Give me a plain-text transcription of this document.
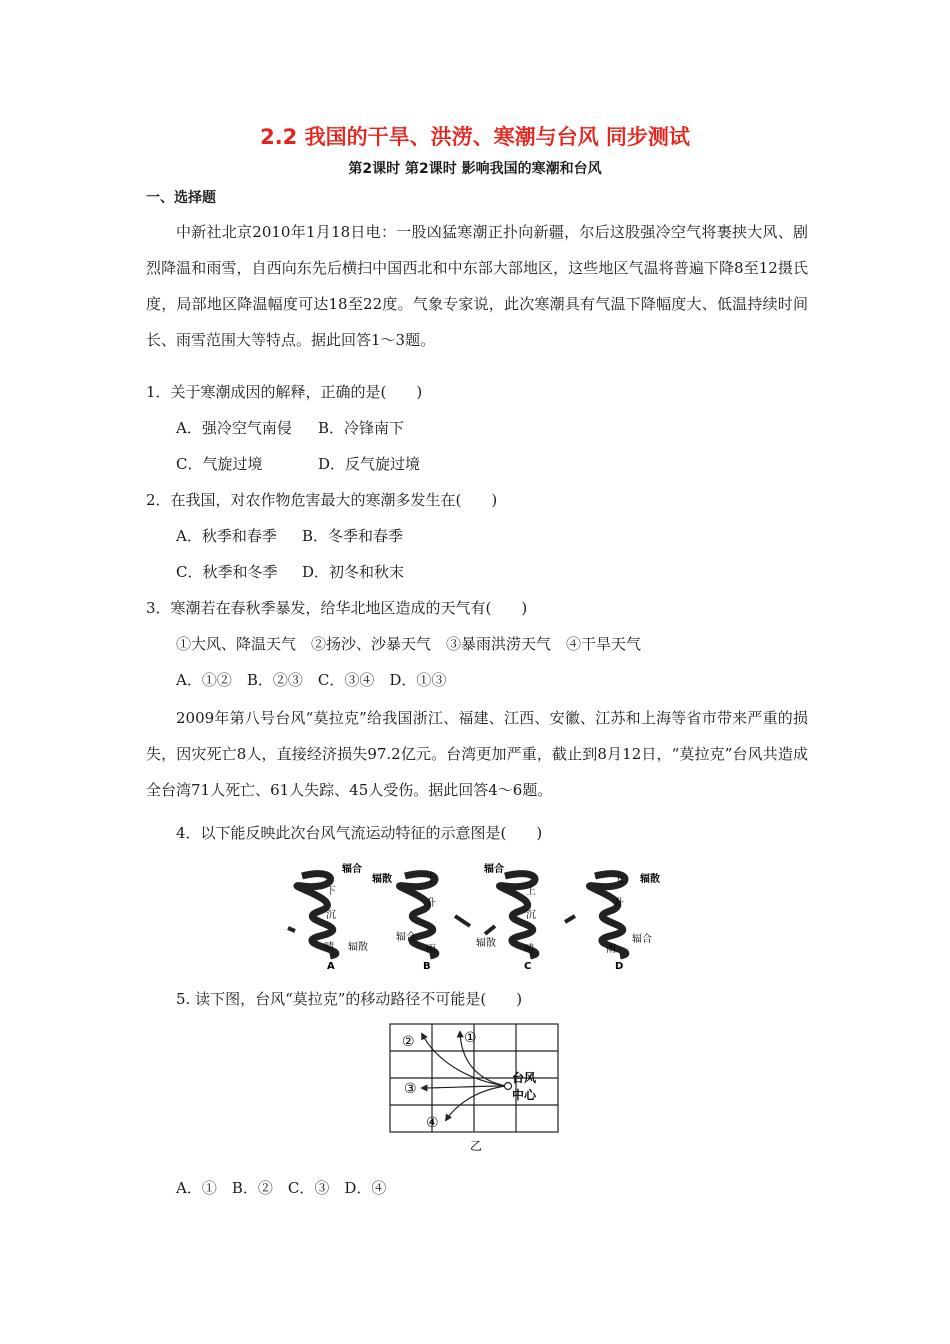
2.2 我国的干旱、洪涝、寒潮与台风 同步测试
第2课时 第2课时 影响我国的寒潮和台风
一、选择题
中新社北京2010年1月18日电：一股凶猛寒潮正扑向新疆，尔后这股强冷空气将裹挟大风、剧烈降温和雨雪，自西向东先后横扫中国西北和中东部大部地区，这些地区气温将普遍下降8至12摄氏度，局部地区降温幅度可达18至22度。气象专家说，此次寒潮具有气温下降幅度大、低温持续时间长、雨雪范围大等特点。据此回答1～3题。
1．关于寒潮成因的解释，正确的是(　　)
A．强冷空气南侵 B．冷锋南下
C．气旋过境	D．反气旋过境
2．在我国，对农作物危害最大的寒潮多发生在(　　)
A．秋季和春季 B．冬季和春季
C．秋季和冬季 D．初冬和秋末
3．寒潮若在春秋季暴发，给华北地区造成的天气有(　　)
①大风、降温天气　②扬沙、沙暴天气　③暴雨洪涝天气　④干旱天气
A．①②　B．②③　C．③④　D．①③
2009年第八号台风“莫拉克”给我国浙江、福建、江西、安徽、江苏和上海等省市带来严重的损失，因灾死亡8人，直接经济损失97.2亿元。台湾更加严重，截止到8月12日，“莫拉克”台风共造成全台湾71人死亡、61人失踪、45人受伤。据此回答4～6题。
4．以下能反映此次台风气流运动特征的示意图是(　　)
辐合
下
沉
晴 辐散
A
辐散	上
升
雨
辐合
B
辐合
上
沉
晴
辐散
C
辐散
上
升
雨
辐合
D
5. 读下图，台风“莫拉克”的移动路径不可能是(　　)
①
②
③
④
台风
中心
乙
A．①　B．②　C．③　D．④
